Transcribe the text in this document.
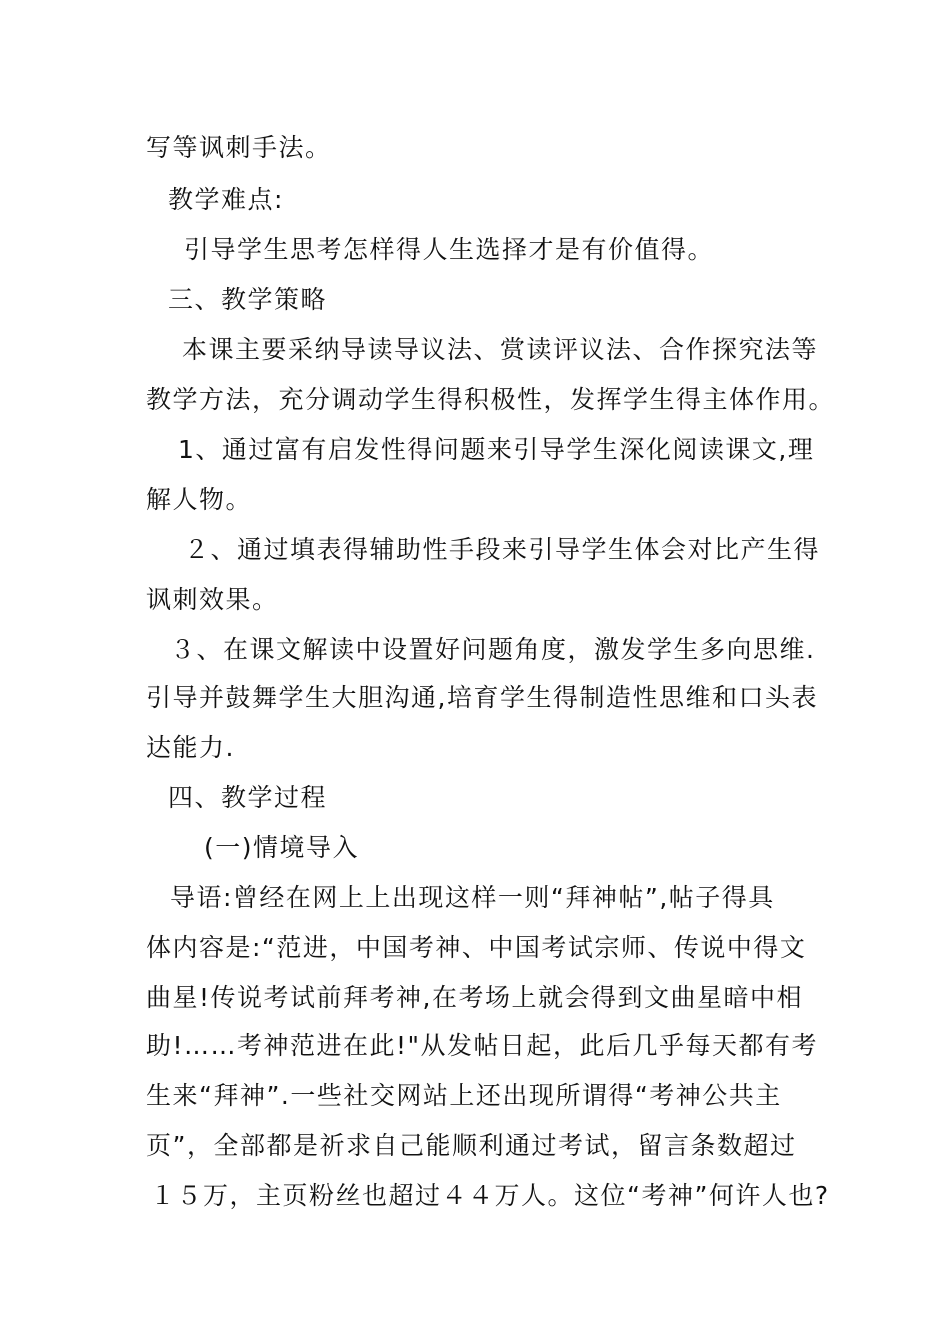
写等讽刺手法。
教学难点:
引导学生思考怎样得人生选择才是有价值得。
三、教学策略
本课主要采纳导读导议法、赏读评议法、合作探究法等
教学方法，充分调动学生得积极性，发挥学生得主体作用。
1、通过富有启发性得问题来引导学生深化阅读课文,理
解人物。
２、通过填表得辅助性手段来引导学生体会对比产生得
讽刺效果。
３、在课文解读中设置好问题角度，激发学生多向思维.
引导并鼓舞学生大胆沟通,培育学生得制造性思维和口头表
达能力.
四、教学过程
(一)情境导入
导语:曾经在网上上出现这样一则“拜神帖”,帖子得具
体内容是:“范进，中国考神、中国考试宗师、传说中得文
曲星!传说考试前拜考神,在考场上就会得到文曲星暗中相
助!……考神范进在此!"从发帖日起，此后几乎每天都有考
生来“拜神”.一些社交网站上还出现所谓得“考神公共主
页”，全部都是祈求自己能顺利通过考试，留言条数超过
１５万，主页粉丝也超过４４万人。这位“考神”何许人也?
